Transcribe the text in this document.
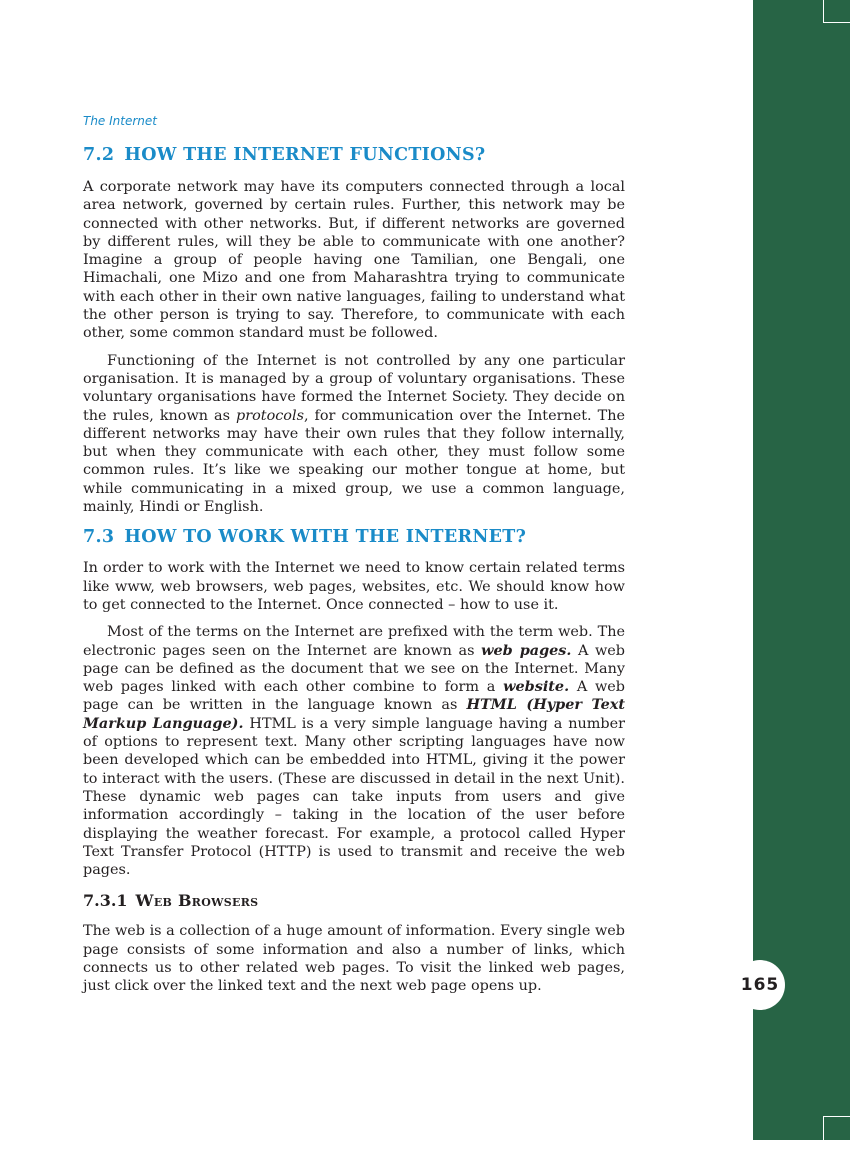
165
The Internet
7.2 HOW THE INTERNET FUNCTIONS?

A corporate network may have its computers connected through a local area network, governed by certain rules. Further, this network may be connected with other networks. But, if different networks are governed by different rules, will they be able to communicate with one another? Imagine a group of people having one Tamilian, one Bengali, one Himachali, one Mizo and one from Maharashtra trying to communicate with each other in their own native languages, failing to understand what the other person is trying to say. Therefore, to communicate with each other, some common standard must be followed.

Functioning of the Internet is not controlled by any one particular organisation. It is managed by a group of voluntary organisations. These voluntary organisations have formed the Internet Society. They decide on the rules, known as protocols, for communication over the Internet. The different networks may have their own rules that they follow internally, but when they communicate with each other, they must follow some common rules. It’s like we speaking our mother tongue at home, but while communicating in a mixed group, we use a common language, mainly, Hindi or English.

7.3 HOW TO WORK WITH THE INTERNET?

In order to work with the Internet we need to know certain related terms like www, web browsers, web pages, websites, etc. We should know how to get connected to the Internet. Once connected – how to use it.

Most of the terms on the Internet are prefixed with the term web. The electronic pages seen on the Internet are known as web pages. A web page can be defined as the document that we see on the Internet. Many web pages linked with each other combine to form a website. A web page can be written in the language known as HTML (Hyper Text Markup Language). HTML is a very simple language having a number of options to represent text. Many other scripting languages have now been developed which can be embedded into HTML, giving it the power to interact with the users. (These are discussed in detail in the next Unit). These dynamic web pages can take inputs from users and give information accordingly – taking in the location of the user before displaying the weather forecast. For example, a protocol called Hyper Text Transfer Protocol (HTTP) is used to transmit and receive the web pages.

7.3.1 Web Browsers

The web is a collection of a huge amount of information. Every single web page consists of some information and also a number of links, which connects us to other related web pages. To visit the linked web pages, just click over the linked text and the next web page opens up.
